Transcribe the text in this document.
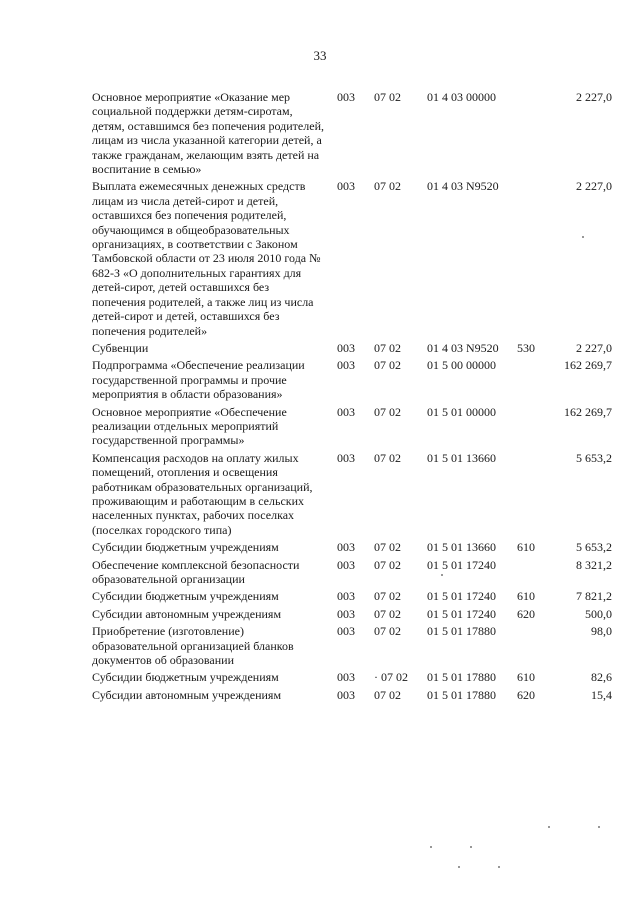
33
Основное мероприятие «Оказание мер социальной поддержки детям-сиротам, детям, оставшимся без попечения родителей, лицам из числа указанной категории детей, а также гражданам, желающим взять детей на воспитание в семью»
003	07 02	01 4 03 00000	2 227,0
Выплата ежемесячных денежных средств лицам из числа детей-сирот и детей, оставшихся без попечения родителей, обучающимся в общеобразовательных организациях, в соответствии с Законом Тамбовской области от 23 июля 2010 года № 682-З «О дополнительных гарантиях для детей-сирот, детей оставшихся без попечения родителей, а также лиц из числа детей-сирот и детей, оставшихся без попечения родителей»
003	07 02	01 4 03 N9520	2 227,0
Субвенции	003	07 02	01 4 03 N9520	530	2 227,0
Подпрограмма «Обеспечение реализации государственной программы и прочие мероприятия в области образования»
003	07 02	01 5 00 00000	162 269,7
Основное мероприятие «Обеспечение реализации отдельных мероприятий государственной программы»
003	07 02	01 5 01 00000	162 269,7
Компенсация расходов на оплату жилых помещений, отопления и освещения работникам образовательных организаций, проживающим и работающим в сельских населенных пунктах, рабочих поселках (поселках городского типа)
003	07 02	01 5 01 13660	5 653,2
Субсидии бюджетным учреждениям	003	07 02	01 5 01 13660	610	5 653,2
Обеспечение комплексной безопасности образовательной организации
003	07 02	01 5 01 17240	8 321,2
Субсидии бюджетным учреждениям	003	07 02	01 5 01 17240	610	7 821,2
Субсидии автономным учреждениям	003	07 02	01 5 01 17240	620	500,0
Приобретение (изготовление) образовательной организацией бланков документов об образовании
003	07 02	01 5 01 17880	98,0
Субсидии бюджетным учреждениям	003	· 07 02	01 5 01 17880	610	82,6
Субсидии автономным учреждениям	003	07 02	01 5 01 17880	620	15,4
